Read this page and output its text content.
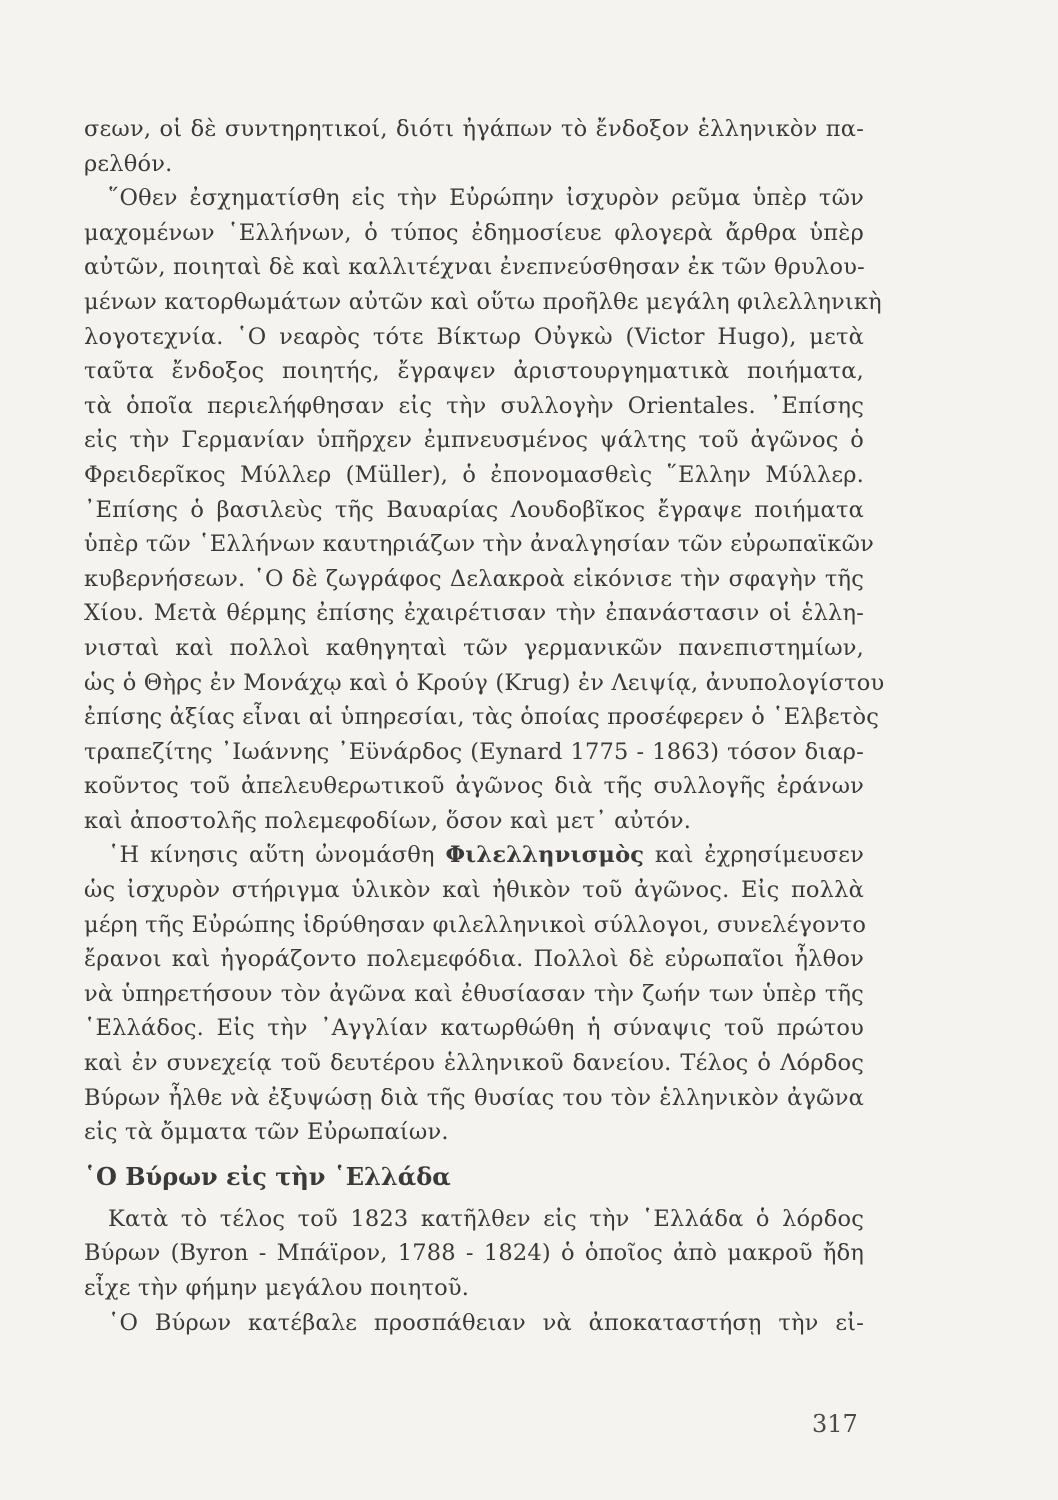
σεων, οἱ δὲ συντηρητικοί, διότι ἠγάπων τὸ ἔνδοξον ἑλληνικὸν πα-
ρελθόν.
῞Οθεν ἐσχηματίσθη εἰς τὴν Εὐρώπην ἰσχυρὸν ρεῦμα ὑπὲρ τῶν
μαχομένων ῾Ελλήνων, ὁ τύπος ἐδημοσίευε φλογερὰ ἄρθρα ὑπὲρ
αὐτῶν, ποιηταὶ δὲ καὶ καλλιτέχναι ἐνεπνεύσθησαν ἐκ τῶν θρυλου-
μένων κατορθωμάτων αὐτῶν καὶ οὕτω προῆλθε μεγάλη φιλελληνικὴ
λογοτεχνία. ῾Ο νεαρὸς τότε Βίκτωρ Οὐγκὼ (Victor Hugo), μετὰ
ταῦτα ἔνδοξος ποιητής, ἔγραψεν ἀριστουργηματικὰ ποιήματα,
τὰ ὁποῖα περιελήφθησαν εἰς τὴν συλλογὴν Orientales. ᾿Επίσης
εἰς τὴν Γερμανίαν ὑπῆρχεν ἐμπνευσμένος ψάλτης τοῦ ἀγῶνος ὁ
Φρειδερῖκος Μύλλερ (Müller), ὁ ἐπονομασθεὶς ῞Ελλην Μύλλερ.
᾿Επίσης ὁ βασιλεὺς τῆς Βαυαρίας Λουδοβῖκος ἔγραψε ποιήματα
ὑπὲρ τῶν ῾Ελλήνων καυτηριάζων τὴν ἀναλγησίαν τῶν εὐρωπαϊκῶν
κυβερνήσεων. ῾Ο δὲ ζωγράφος Δελακροὰ εἰκόνισε τὴν σφαγὴν τῆς
Χίου. Μετὰ θέρμης ἐπίσης ἐχαιρέτισαν τὴν ἐπανάστασιν οἱ ἑλλη-
νισταὶ καὶ πολλοὶ καθηγηταὶ τῶν γερμανικῶν πανεπιστημίων,
ὡς ὁ Θὴρς ἐν Μονάχῳ καὶ ὁ Κρούγ (Krug) ἐν Λειψίᾳ, ἀνυπολογίστου
ἐπίσης ἀξίας εἶναι αἱ ὑπηρεσίαι, τὰς ὁποίας προσέφερεν ὁ ῾Ελβετὸς
τραπεζίτης ᾿Ιωάννης ᾿Εϋνάρδος (Eynard 1775 - 1863) τόσον διαρ-
κοῦντος τοῦ ἀπελευθερωτικοῦ ἀγῶνος διὰ τῆς συλλογῆς ἐράνων
καὶ ἀποστολῆς πολεμεφοδίων, ὅσον καὶ μετ᾿ αὐτόν.
῾Η κίνησις αὕτη ὠνομάσθη Φιλελληνισμὸς καὶ ἐχρησίμευσεν
ὡς ἰσχυρὸν στήριγμα ὑλικὸν καὶ ἠθικὸν τοῦ ἀγῶνος. Εἰς πολλὰ
μέρη τῆς Εὐρώπης ἱδρύθησαν φιλελληνικοὶ σύλλογοι, συνελέγοντο
ἔρανοι καὶ ἠγοράζοντο πολεμεφόδια. Πολλοὶ δὲ εὐρωπαῖοι ἦλθον
νὰ ὑπηρετήσουν τὸν ἀγῶνα καὶ ἐθυσίασαν τὴν ζωήν των ὑπὲρ τῆς
῾Ελλάδος. Εἰς τὴν ᾿Αγγλίαν κατωρθώθη ἡ σύναψις τοῦ πρώτου
καὶ ἐν συνεχείᾳ τοῦ δευτέρου ἑλληνικοῦ δανείου. Τέλος ὁ Λόρδος
Βύρων ἦλθε νὰ ἐξυψώσῃ διὰ τῆς θυσίας του τὸν ἑλληνικὸν ἀγῶνα
εἰς τὰ ὄμματα τῶν Εὐρωπαίων.
῾Ο Βύρων εἰς τὴν ῾Ελλάδα
Κατὰ τὸ τέλος τοῦ 1823 κατῆλθεν εἰς τὴν ῾Ελλάδα ὁ λόρδος
Βύρων (Byron - Μπάϊρον, 1788 - 1824) ὁ ὁποῖος ἀπὸ μακροῦ ἤδη
εἶχε τὴν φήμην μεγάλου ποιητοῦ.
῾Ο Βύρων κατέβαλε προσπάθειαν νὰ ἀποκαταστήσῃ τὴν εἰ-
317
